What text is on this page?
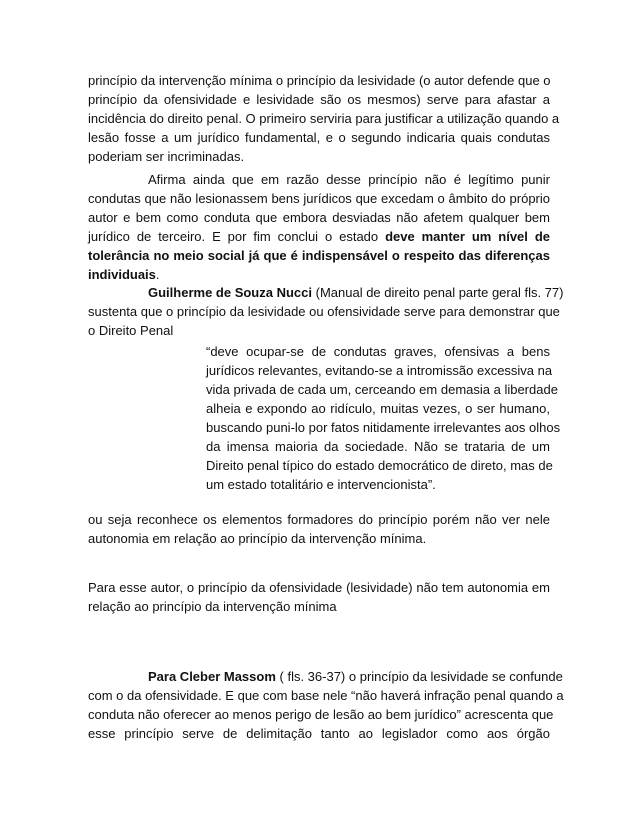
princípio da intervenção mínima o princípio da lesividade (o autor defende que o

princípio da ofensividade e lesividade são os mesmos) serve para afastar a

incidência do direito penal. O primeiro serviria para justificar a utilização quando a

lesão fosse a um jurídico fundamental, e o segundo indicaria quais condutas

poderiam ser incriminadas.

Afirma ainda que em razão desse princípio não é legítimo punir

condutas que não lesionassem bens jurídicos que excedam o âmbito do próprio

autor e bem como conduta que embora desviadas não afetem qualquer bem

jurídico de terceiro. E por fim conclui o estado deve manter um nível de

tolerância no meio social já que é indispensável o respeito das diferenças

individuais.

Guilherme de Souza Nucci (Manual de direito penal parte geral fls. 77)

sustenta que o princípio da lesividade ou ofensividade serve para demonstrar que

o Direito Penal

“deve ocupar-se de condutas graves, ofensivas a bens

jurídicos relevantes, evitando-se a intromissão excessiva na

vida privada de cada um, cerceando em demasia a liberdade

alheia e expondo ao ridículo, muitas vezes, o ser humano,

buscando puni-lo por fatos nitidamente irrelevantes aos olhos

da imensa maioria da sociedade. Não se trataria de um

Direito penal típico do estado democrático de direto, mas de

um estado totalitário e intervencionista”.

ou seja reconhece os elementos formadores do princípio porém não ver nele

autonomia em relação ao princípio da intervenção mínima.

Para esse autor, o princípio da ofensividade (lesividade) não tem autonomia em

relação ao princípio da intervenção mínima

Para Cleber Massom ( fls. 36-37) o princípio da lesividade se confunde

com o da ofensividade. E que com base nele “não haverá infração penal quando a

conduta não oferecer ao menos perigo de lesão ao bem jurídico” acrescenta que

esse princípio serve de delimitação tanto ao legislador como aos órgão
